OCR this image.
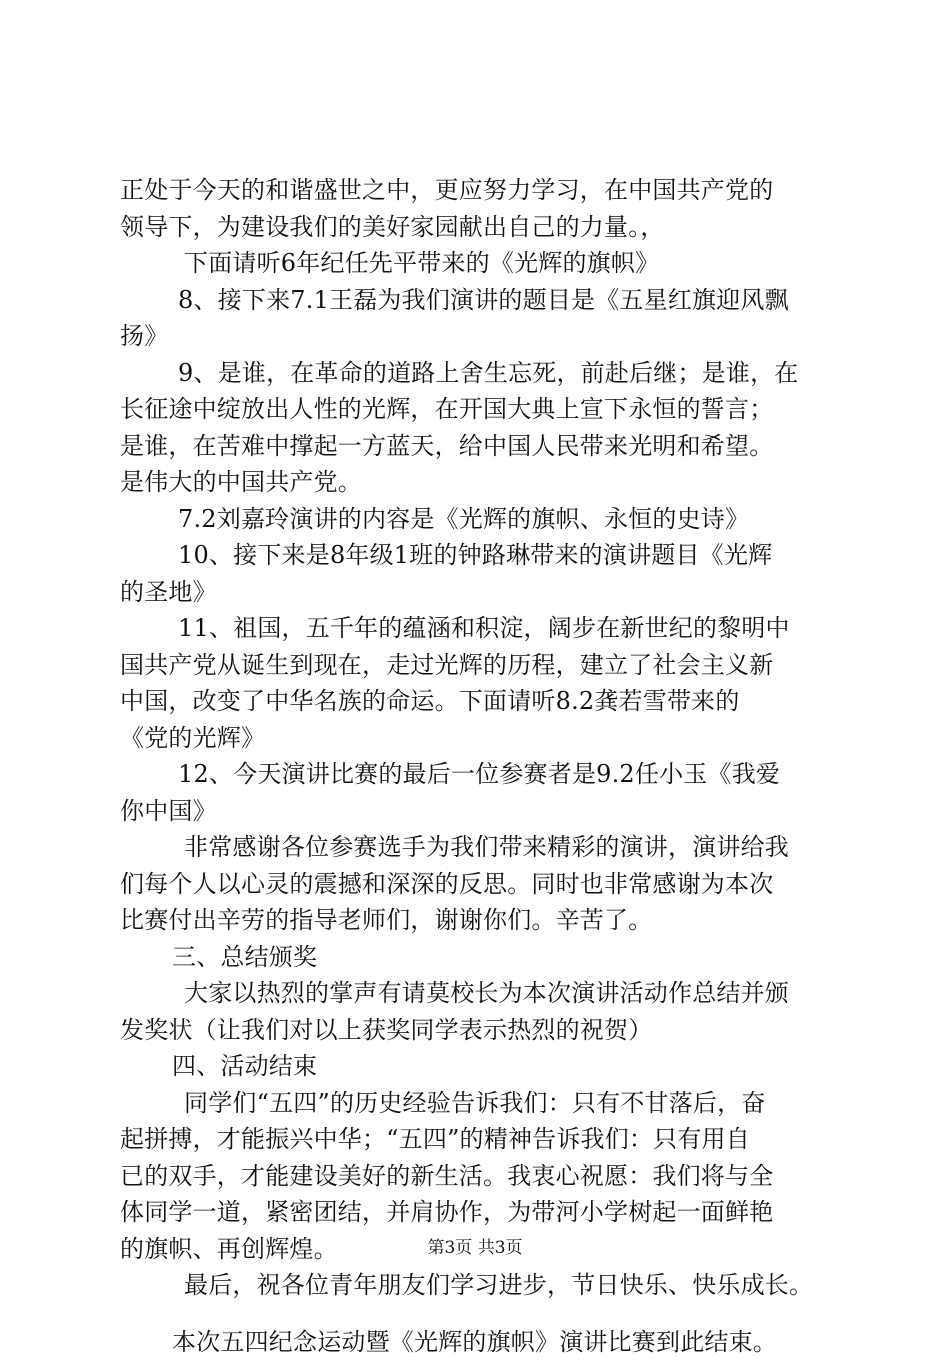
正处于今天的和谐盛世之中，更应努力学习，在中国共产党的
领导下，为建设我们的美好家园献出自己的力量。，
下面请听6年纪任先平带来的《光辉的旗帜》
8、接下来7.1王磊为我们演讲的题目是《五星红旗迎风飘
扬》
9、是谁，在革命的道路上舍生忘死，前赴后继；是谁，在
长征途中绽放出人性的光辉，在开国大典上宣下永恒的誓言；
是谁，在苦难中撑起一方蓝天，给中国人民带来光明和希望。
是伟大的中国共产党。
7.2刘嘉玲演讲的内容是《光辉的旗帜、永恒的史诗》
10、接下来是8年级1班的钟路琳带来的演讲题目《光辉
的圣地》
11、祖国，五千年的蕴涵和积淀，阔步在新世纪的黎明中
国共产党从诞生到现在，走过光辉的历程，建立了社会主义新
中国，改变了中华名族的命运。下面请听8.2龚若雪带来的
《党的光辉》
12、今天演讲比赛的最后一位参赛者是9.2任小玉《我爱
你中国》
非常感谢各位参赛选手为我们带来精彩的演讲，演讲给我
们每个人以心灵的震撼和深深的反思。同时也非常感谢为本次
比赛付出辛劳的指导老师们，谢谢你们。辛苦了。
三、总结颁奖
大家以热烈的掌声有请莫校长为本次演讲活动作总结并颁
发奖状（让我们对以上获奖同学表示热烈的祝贺）
四、活动结束
同学们“五四”的历史经验告诉我们：只有不甘落后，奋
起拼搏，才能振兴中华；“五四”的精神告诉我们：只有用自
已的双手，才能建设美好的新生活。我衷心祝愿：我们将与全
体同学一道，紧密团结，并肩协作，为带河小学树起一面鲜艳
的旗帜、再创辉煌。
最后，祝各位青年朋友们学习进步，节日快乐、快乐成长。
本次五四纪念运动暨《光辉的旗帜》演讲比赛到此结束。
第3页 共3页
